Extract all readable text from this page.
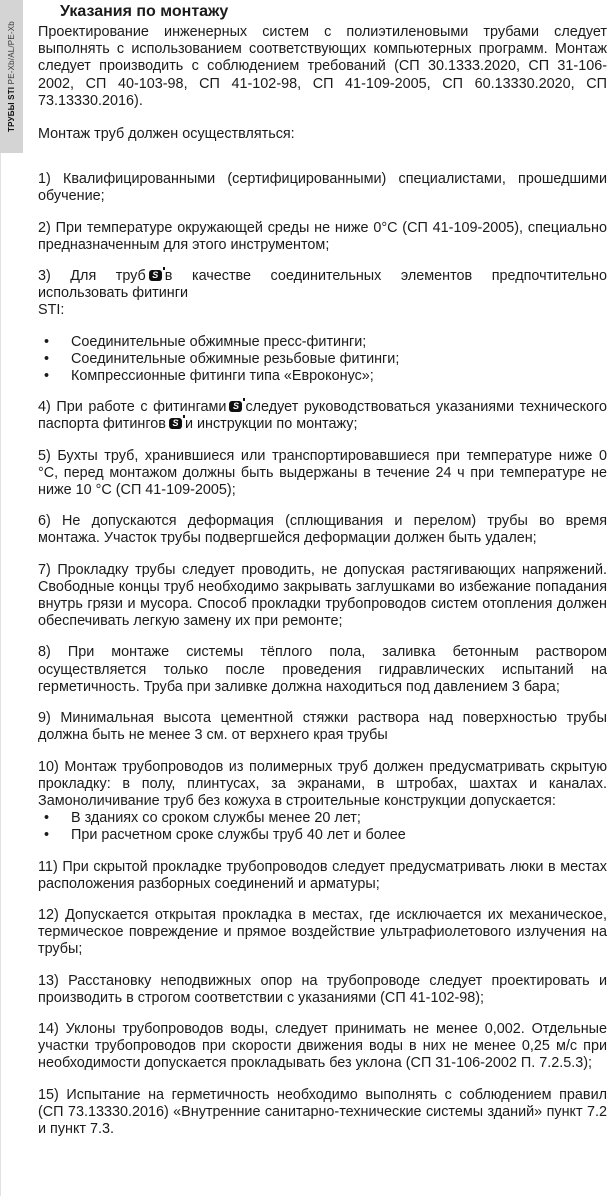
ТРУБЫ STI PE-Xb/AL/PE-Xb
Указания по монтажу

Проектирование инженерных систем с полиэтиленовыми трубами следует выполнять с использованием соответствующих компьютерных программ. Монтаж следует производить с соблюдением требований (СП 30.1333.2020, СП 31-106-2002, СП 40-103-98, СП 41-102-98, СП 41-109-2005, СП 60.13330.2020, СП 73.13330.2016).

Монтаж труб должен осуществляться:

1) Квалифицированными (сертифицированными) специалистами, прошедшими обучение;

2) При температуре окружающей среды не ниже 0°С (СП 41-109-2005), специально предназначенным для этого инструментом;

3) Для труб S в качестве соединительных элементов предпочтительно использовать фитинги
STI:

•
Соединительные обжимные пресс-фитинги;
•
Соединительные обжимные резьбовые фитинги;
•
Компрессионные фитинги типа «Евроконус»;

4) При работе с фитингами S следует руководствоваться указаниями технического паспорта фитингов S и инструкции по монтажу;

5) Бухты труб, хранившиеся или транспортировавшиеся при температуре ниже 0 °С, перед монтажом должны быть выдержаны в течение 24 ч при температуре не ниже 10 °С (СП 41-109-2005);

6) Не допускаются деформация (сплющивания и перелом) трубы во время монтажа. Участок трубы подвергшейся деформации должен быть удален;

7) Прокладку трубы следует проводить, не допуская растягивающих напряжений. Свободные концы труб необходимо закрывать заглушками во избежание попадания внутрь грязи и мусора. Способ прокладки трубопроводов систем отопления должен обеспечивать легкую замену их при ремонте;

8) При монтаже системы тёплого пола, заливка бетонным раствором осуществляется только после проведения гидравлических испытаний на герметичность. Труба при заливке должна находиться под давлением 3 бара;

9) Минимальная высота цементной стяжки раствора над поверхностью трубы должна быть не менее 3 см. от верхнего края трубы

10) Монтаж трубопроводов из полимерных труб должен предусматривать скрытую прокладку: в полу, плинтусах, за экранами, в штробах, шахтах и каналах. Замоноличивание труб без кожуха в строительные конструкции допускается:

•
В зданиях со сроком службы менее 20 лет;
•
При расчетном сроке службы труб 40 лет и более

11) При скрытой прокладке трубопроводов следует предусматривать люки в местах расположения разборных соединений и арматуры;

12) Допускается открытая прокладка в местах, где исключается их механическое, термическое повреждение и прямое воздействие ультрафиолетового излучения на трубы;

13) Расстановку неподвижных опор на трубопроводе следует проектировать и производить в строгом соответствии с указаниями (СП 41-102-98);

14) Уклоны трубопроводов воды, следует принимать не менее 0,002. Отдельные участки трубопроводов при скорости движения воды в них не менее 0,25 м/с при необходимости допускается прокладывать без уклона (СП 31-106-2002 П. 7.2.5.3);

15) Испытание на герметичность необходимо выполнять с соблюдением правил (СП 73.13330.2016) «Внутренние санитарно-технические системы зданий» пункт 7.2 и пункт 7.3.
